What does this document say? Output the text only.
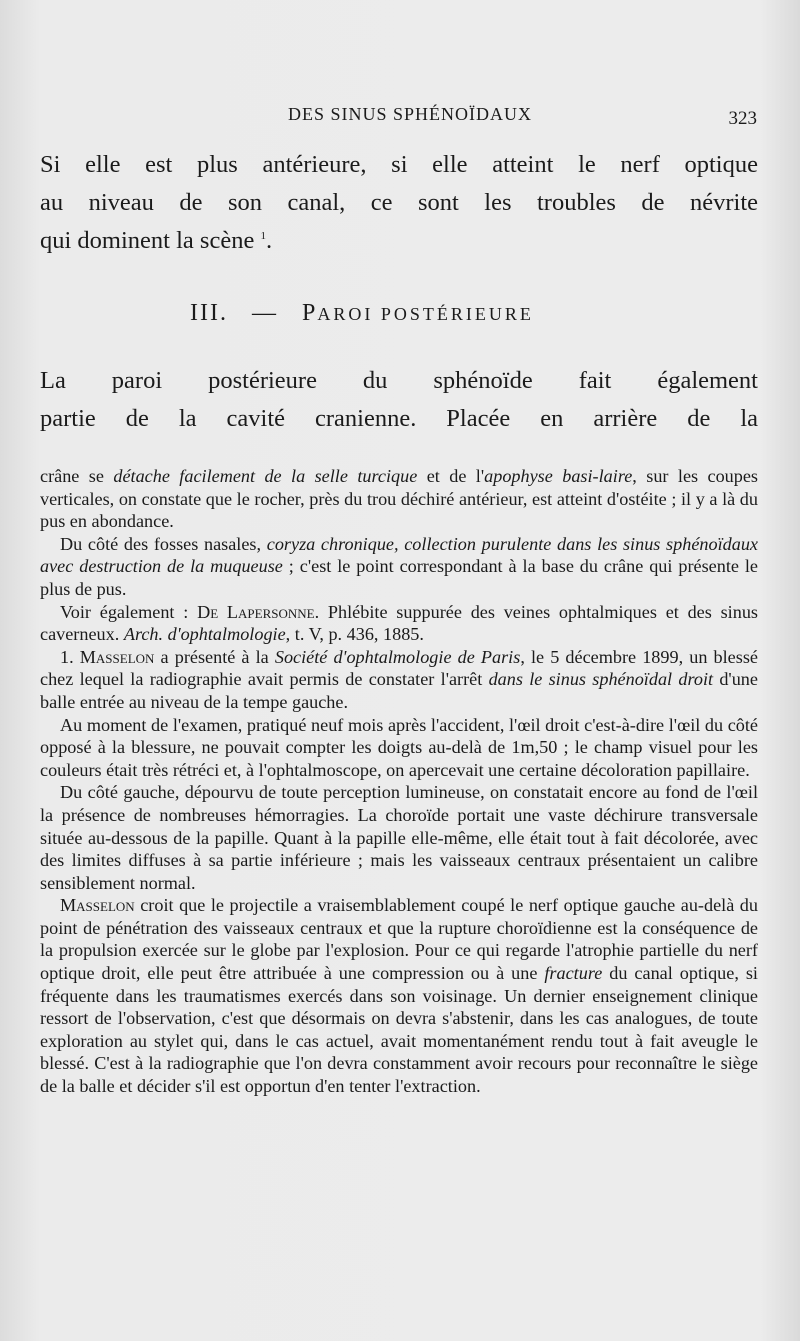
DES SINUS SPHÉNOÏDAUX	323

Si elle est plus antérieure, si elle atteint le nerf optique

au niveau de son canal, ce sont les troubles de névrite

qui dominent la scène $^1$.

III. — PAROI POSTÉRIEURE

La paroi postérieure du sphénoïde fait également

partie de la cavité cranienne. Placée en arrière de la

crâne se détache facilement de la selle turcique et de l'apophyse basi-laire, sur les coupes verticales, on constate que le rocher, près du trou déchiré antérieur, est atteint d'ostéite ; il y a là du pus en abondance.

Du côté des fosses nasales, coryza chronique, collection purulente dans les sinus sphénoïdaux avec destruction de la muqueuse ; c'est le point correspondant à la base du crâne qui présente le plus de pus.

Voir également : De Lapersonne. Phlébite suppurée des veines ophtalmiques et des sinus caverneux. Arch. d'ophtalmologie, t. V, p. 436, 1885.

1. Masselon a présenté à la Société d'ophtalmologie de Paris, le 5 décembre 1899, un blessé chez lequel la radiographie avait permis de constater l'arrêt dans le sinus sphénoïdal droit d'une balle entrée au niveau de la tempe gauche.

Au moment de l'examen, pratiqué neuf mois après l'accident, l'œil droit c'est-à-dire l'œil du côté opposé à la blessure, ne pouvait compter les doigts au-delà de 1m,50 ; le champ visuel pour les couleurs était très rétréci et, à l'ophtalmoscope, on apercevait une certaine décoloration papillaire.

Du côté gauche, dépourvu de toute perception lumineuse, on constatait encore au fond de l'œil la présence de nombreuses hémorragies. La choroïde portait une vaste déchirure transversale située au-dessous de la papille. Quant à la papille elle-même, elle était tout à fait décolorée, avec des limites diffuses à sa partie inférieure ; mais les vaisseaux centraux présentaient un calibre sensiblement normal.

Masselon croit que le projectile a vraisemblablement coupé le nerf optique gauche au-delà du point de pénétration des vaisseaux centraux et que la rupture choroïdienne est la conséquence de la propulsion exercée sur le globe par l'explosion. Pour ce qui regarde l'atrophie partielle du nerf optique droit, elle peut être attribuée à une compression ou à une fracture du canal optique, si fréquente dans les traumatismes exercés dans son voisinage. Un dernier enseignement clinique ressort de l'observation, c'est que désormais on devra s'abstenir, dans les cas analogues, de toute exploration au stylet qui, dans le cas actuel, avait momentanément rendu tout à fait aveugle le blessé. C'est à la radiographie que l'on devra constamment avoir recours pour reconnaître le siège de la balle et décider s'il est opportun d'en tenter l'extraction.
